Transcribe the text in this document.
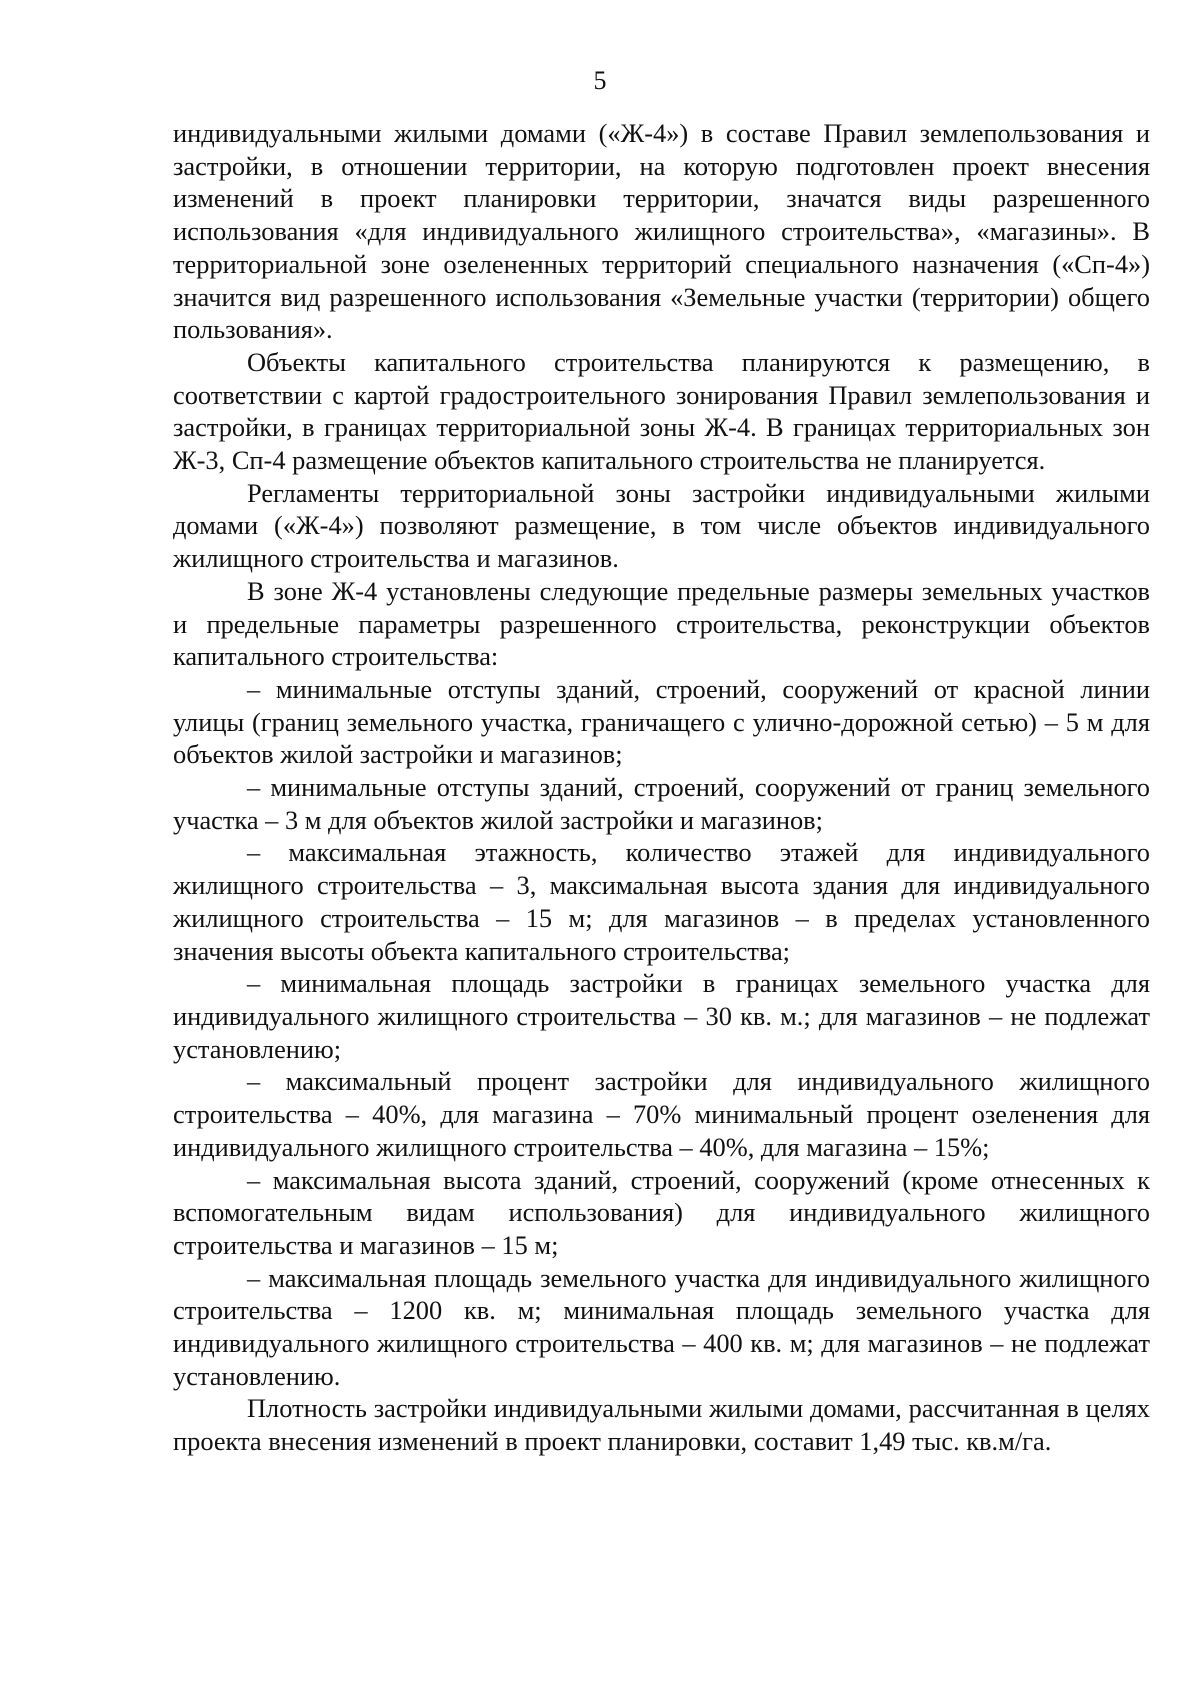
5

индивидуальными жилыми домами («Ж-4») в составе Правил землепользования и застройки, в отношении территории, на которую подготовлен проект внесения изменений в проект планировки территории, значатся виды разрешенного использования «для индивидуального жилищного строительства», «магазины». В территориальной зоне озелененных территорий специального назначения («Сп-4») значится вид разрешенного использования «Земельные участки (территории) общего пользования».

Объекты капитального строительства планируются к размещению, в соответствии с картой градостроительного зонирования Правил землепользования и застройки, в границах территориальной зоны Ж-4. В границах территориальных зон Ж-3, Сп-4 размещение объектов капитального строительства не планируется.

Регламенты территориальной зоны застройки индивидуальными жилыми домами («Ж-4») позволяют размещение, в том числе объектов индивидуального жилищного строительства и магазинов.

В зоне Ж-4 установлены следующие предельные размеры земельных участков и предельные параметры разрешенного строительства, реконструкции объектов капитального строительства:

– минимальные отступы зданий, строений, сооружений от красной линии улицы (границ земельного участка, граничащего с улично-дорожной сетью) – 5 м для объектов жилой застройки и магазинов;

– минимальные отступы зданий, строений, сооружений от границ земельного участка – 3 м для объектов жилой застройки и магазинов;

– максимальная этажность, количество этажей для индивидуального жилищного строительства – 3, максимальная высота здания для индивидуального жилищного строительства – 15 м; для магазинов – в пределах установленного значения высоты объекта капитального строительства;

– минимальная площадь застройки в границах земельного участка для индивидуального жилищного строительства – 30 кв. м.; для магазинов – не подлежат установлению;

– максимальный процент застройки для индивидуального жилищного строительства – 40%, для магазина – 70% минимальный процент озеленения для индивидуального жилищного строительства – 40%, для магазина – 15%;

– максимальная высота зданий, строений, сооружений (кроме отнесенных к вспомогательным видам использования) для индивидуального жилищного строительства и магазинов – 15 м;

– максимальная площадь земельного участка для индивидуального жилищного строительства – 1200 кв. м; минимальная площадь земельного участка для индивидуального жилищного строительства – 400 кв. м; для магазинов – не подлежат установлению.

Плотность застройки индивидуальными жилыми домами, рассчитанная в целях проекта внесения изменений в проект планировки, составит 1,49 тыс. кв.м/га.
